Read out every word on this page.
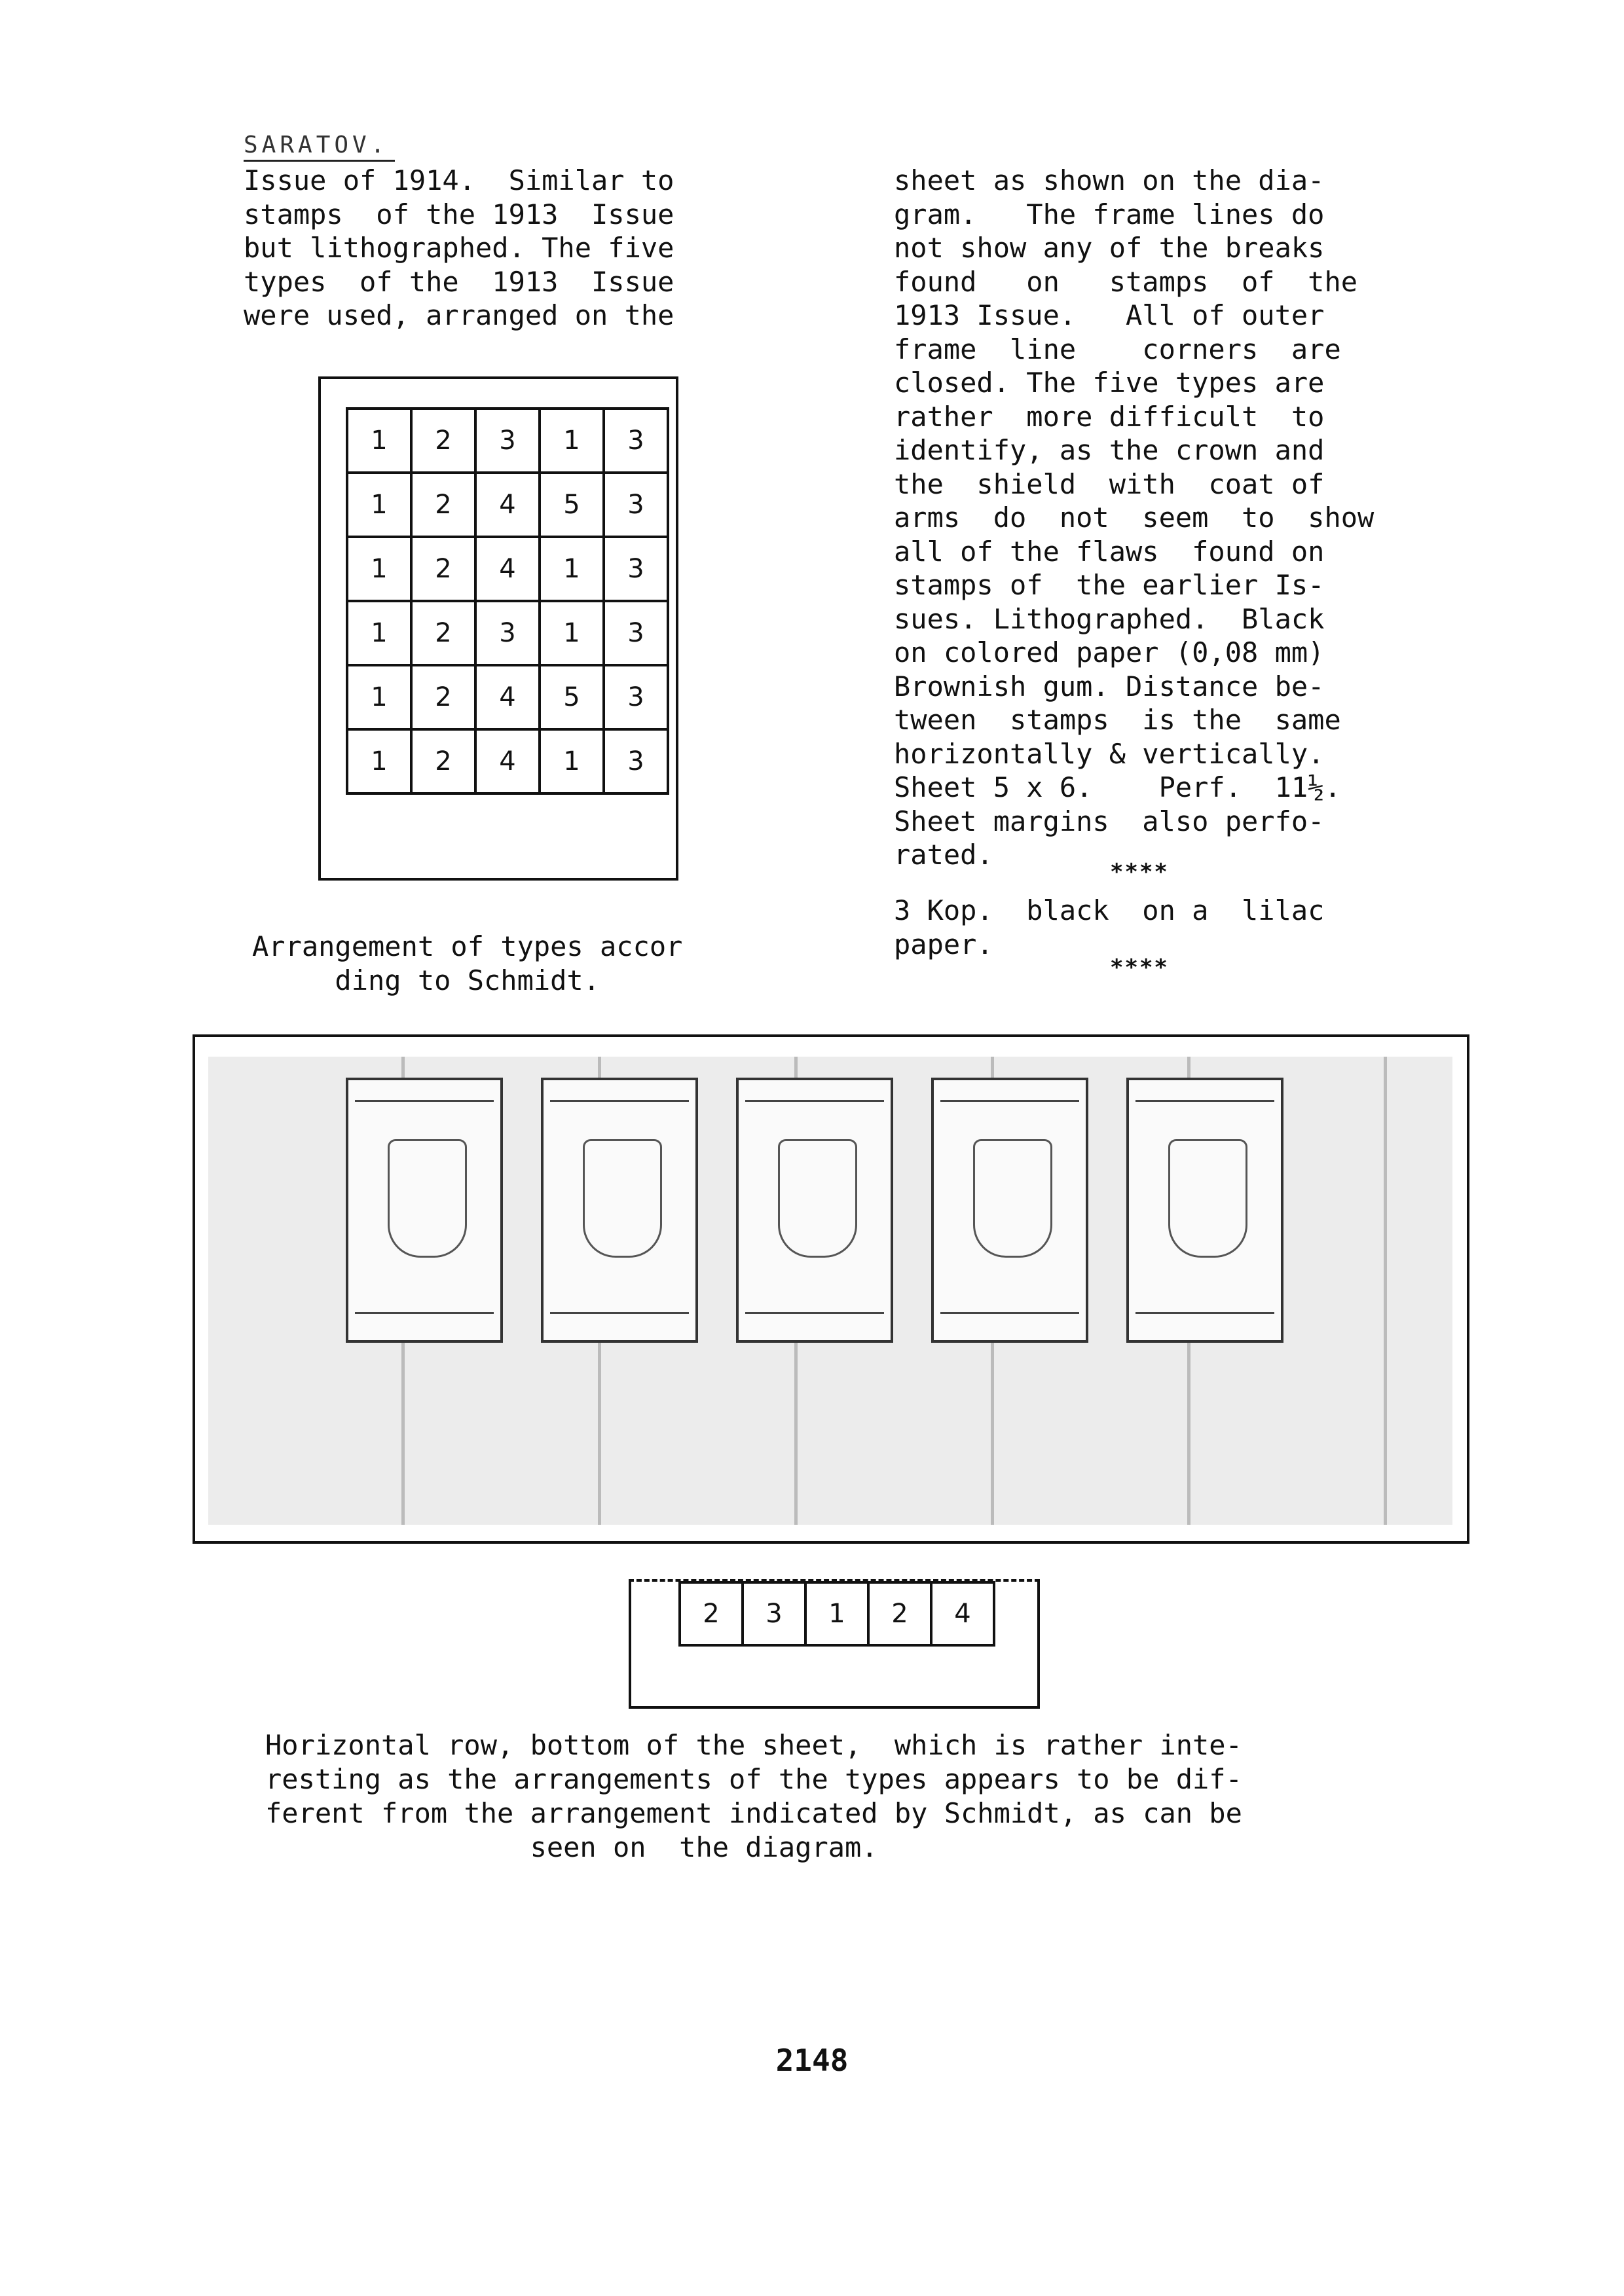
SARATOV.
Issue of 1914.  Similar to
stamps  of the 1913  Issue
but lithographed. The five
types  of the  1913  Issue
were used, arranged on the
1	2	3	1	3
1	2	4	5	3
1	2	4	1	3
1	2	3	1	3
1	2	4	5	3
1	2	4	1	3
Arrangement of types accor
ding to Schmidt.
sheet as shown on the dia-
gram.   The frame lines do
not show any of the breaks
found   on   stamps  of  the
1913 Issue.   All of outer
frame  line    corners  are
closed. The five types are
rather  more difficult  to
identify, as the crown and
the  shield  with  coat of
arms  do  not  seem  to  show
all of the flaws  found on
stamps of  the earlier Is-
sues. Lithographed.  Black
on colored paper (0,08 mm)
Brownish gum. Distance be-
tween  stamps  is the  same
horizontally & vertically.
Sheet 5 x 6.    Perf.  11½.
Sheet margins  also perfo-
rated.
****
3 Kop.  black  on a  lilac
paper.
****
2	3	1	2	4
Horizontal row, bottom of the sheet,  which is rather inte-
resting as the arrangements of the types appears to be dif-
ferent from the arrangement indicated by Schmidt, as can be
seen on  the diagram.
2148
